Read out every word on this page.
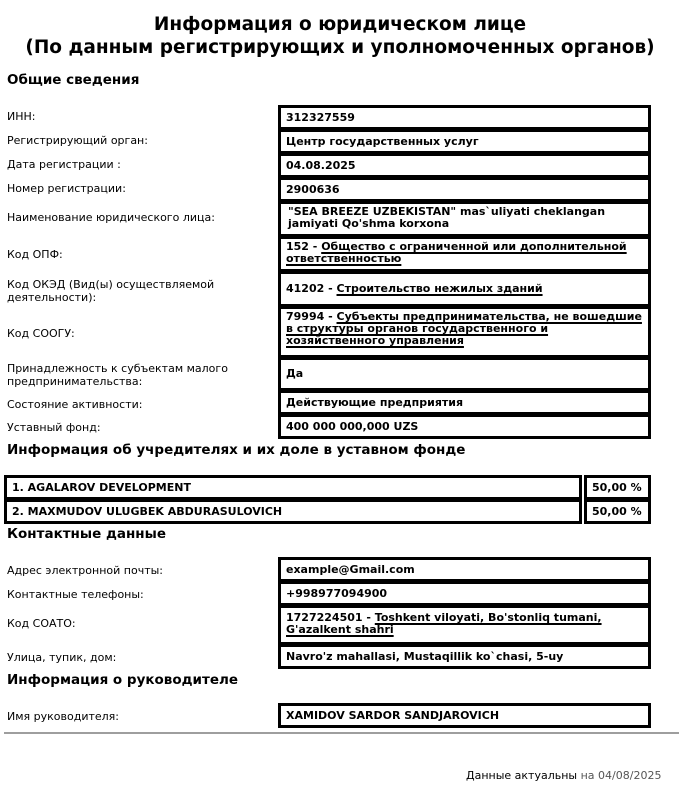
Информация о юридическом лице
(По данным регистрирующих и уполномоченных органов)
Общие сведения
ИНН:	312327559
Регистрирующий орган:	Центр государственных услуг
Дата регистрации :	04.08.2025
Номер регистрации:	2900636
Наименование юридического лица:	"SEA BREEZE UZBEKISTAN" mas`uliyati cheklangan jamiyati Qo'shma korxona
Код ОПФ:
152 - Общество с ограниченной или дополнительной ответственностью
Код ОКЭД (Вид(ы) осуществляемой деятельности):
41202 - Строительство нежилых зданий
Код СООГУ:
79994 - Субъекты предпринимательства, не вошедшие в структуры органов государственного и хозяйственного управления
Принадлежность к субъектам малого предпринимательства:
Да
Состояние активности:	Действующие предприятия
Уставный фонд:	400 000 000,000 UZS
Информация об учредителях и их доле в уставном фонде
1. AGALAROV DEVELOPMENT	50,00 %
2. MAXMUDOV ULUGBEK ABDURASULOVICH	50,00 %
Контактные данные
Адрес электронной почты:	example@Gmail.com
Контактные телефоны:	+998977094900
Код СОАТО:	1727224501 - Toshkent viloyati, Bo'stonliq tumani, G'azalkent shahri
Улица, тупик, дом:	Navro'z mahallasi, Mustaqillik ko`chasi, 5-uy
Информация о руководителе
Имя руководителя:	XAMIDOV SARDOR SANDJAROVICH
Данные актуальны на 04/08/2025
